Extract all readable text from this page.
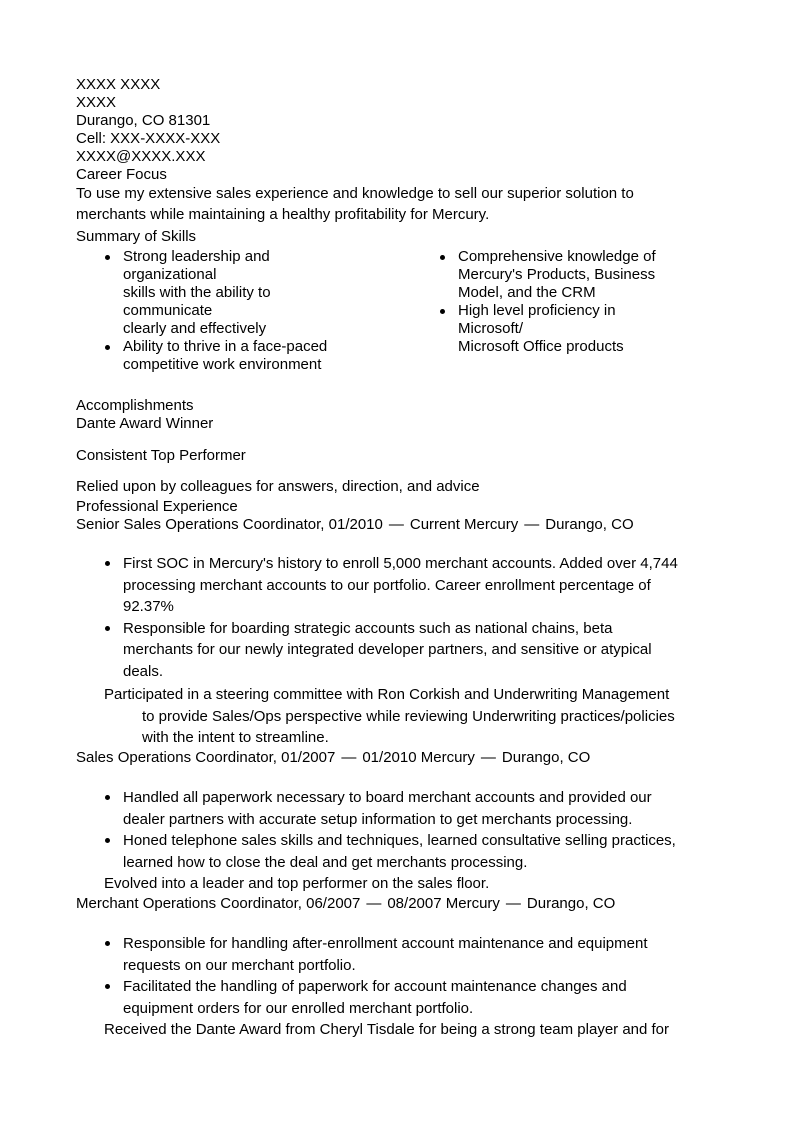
XXXX XXXX
XXXX
Durango, CO 81301
Cell: XXX-XXXX-XXX
XXXX@XXXX.XXX
Career Focus
To use my extensive sales experience and knowledge to sell our superior solution to
merchants while maintaining a healthy profitability for Mercury.
Summary of Skills
Strong leadership and organizational
skills with the ability to communicate
clearly and effectively
Ability to thrive in a face-paced
competitive work environment
Comprehensive knowledge of
Mercury's Products, Business
Model, and the CRM
High level proficiency in Microsoft/
Microsoft Office products
Accomplishments
Dante Award Winner
Consistent Top Performer
Relied upon by colleagues for answers, direction, and advice
Professional Experience
Senior Sales Operations Coordinator, 01/2010 — Current Mercury — Durango, CO
First SOC in Mercury's history to enroll 5,000 merchant accounts. Added over 4,744
processing merchant accounts to our portfolio. Career enrollment percentage of
92.37%
Responsible for boarding strategic accounts such as national chains, beta
merchants for our newly integrated developer partners, and sensitive or atypical
deals.
Participated in a steering committee with Ron Corkish and Underwriting Management
to provide Sales/Ops perspective while reviewing Underwriting practices/policies
with the intent to streamline.
Sales Operations Coordinator, 01/2007 — 01/2010 Mercury — Durango, CO
Handled all paperwork necessary to board merchant accounts and provided our
dealer partners with accurate setup information to get merchants processing.
Honed telephone sales skills and techniques, learned consultative selling practices,
learned how to close the deal and get merchants processing.
Evolved into a leader and top performer on the sales floor.
Merchant Operations Coordinator, 06/2007 — 08/2007 Mercury — Durango, CO
Responsible for handling after-enrollment account maintenance and equipment
requests on our merchant portfolio.
Facilitated the handling of paperwork for account maintenance changes and
equipment orders for our enrolled merchant portfolio.
Received the Dante Award from Cheryl Tisdale for being a strong team player and for
